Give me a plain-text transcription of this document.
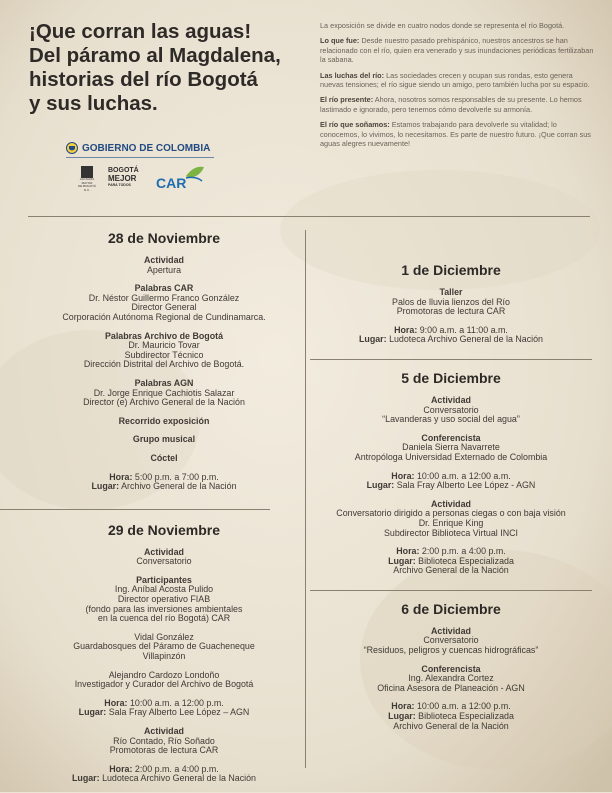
¡Que corran las aguas!
Del páramo al Magdalena,
historias del río Bogotá
y sus luchas.

La exposición se divide en cuatro nodos donde se representa el río Bogotá.

Lo que fue: Desde nuestro pasado prehispánico, nuestros ancestros se han relacionado con el río, quien era venerado y sus inundaciones periódicas fertilizaban la sabana.

Las luchas del río: Las sociedades crecen y ocupan sus rondas, esto genera nuevas tensiones; el río sigue siendo un amigo, pero también lucha por su espacio.

El río presente: Ahora, nosotros somos responsables de su presente. Lo hemos lastimado e ignorado, pero tenemos cómo devolverle su armonía.

El río que soñamos: Estamos trabajando para devolverle su vitalidad; lo conocemos, lo vivimos, lo necesitamos. Es parte de nuestro futuro. ¡Que corran sus aguas alegres nuevamente!

GOBIERNO DE COLOMBIA
ALCALDÍA MAYOR
DE BOGOTÁ D.C.
BOGOTÁ
MEJOR
PARA TODOS	CAR
28 de Noviembre
Actividad
Apertura
Palabras CAR
Dr. Néstor Guillermo Franco González
Director General
Corporación Autónoma Regional de Cundinamarca.
Palabras Archivo de Bogotá
Dr. Mauricio Tovar
Subdirector Técnico
Dirección Distrital del Archivo de Bogotá.
Palabras AGN
Dr. Jorge Enrique Cachiotis Salazar
Director (e) Archivo General de la Nación
Recorrido exposición
Grupo musical
Cóctel
Hora: 5:00 p.m. a 7:00 p.m.
Lugar: Archivo General de la Nación
29 de Noviembre
Actividad
Conversatorio
Participantes
Ing. Aníbal Acosta Pulido
Director operativo FIAB
(fondo para las inversiones ambientales
en la cuenca del río Bogotá) CAR
Vidal González
Guardabosques del Páramo de Guacheneque
Villapinzón
Alejandro Cardozo Londoño
Investigador y Curador del Archivo de Bogotá
Hora: 10:00 a.m. a 12:00 p.m.
Lugar: Sala Fray Alberto Lee López – AGN
Actividad
Río Contado, Río Soñado
Promotoras de lectura CAR
Hora: 2:00 p.m. a 4:00 p.m.
Lugar: Ludoteca Archivo General de la Nación
1 de Diciembre
Taller
Palos de lluvia lienzos del Río
Promotoras de lectura CAR
Hora: 9:00 a.m. a 11:00 a.m.
Lugar: Ludoteca Archivo General de la Nación
5 de Diciembre
Actividad
Conversatorio
“Lavanderas y uso social del agua”
Conferencista
Daniela Sierra Navarrete
Antropóloga Universidad Externado de Colombia
Hora: 10:00 a.m. a 12:00 a.m.
Lugar: Sala Fray Alberto Lee López - AGN
Actividad
Conversatorio dirigido a personas ciegas o con baja visión
Dr. Enrique King
Subdirector Biblioteca Virtual INCI
Hora: 2:00 p.m. a 4:00 p.m.
Lugar: Biblioteca Especializada
Archivo General de la Nación
6 de Diciembre
Actividad
Conversatorio
“Residuos, peligros y cuencas hidrográficas”
Conferencista
Ing. Alexandra Cortez
Oficina Asesora de Planeación - AGN
Hora: 10:00 a.m. a 12:00 p.m.
Lugar: Biblioteca Especializada
Archivo General de la Nación
